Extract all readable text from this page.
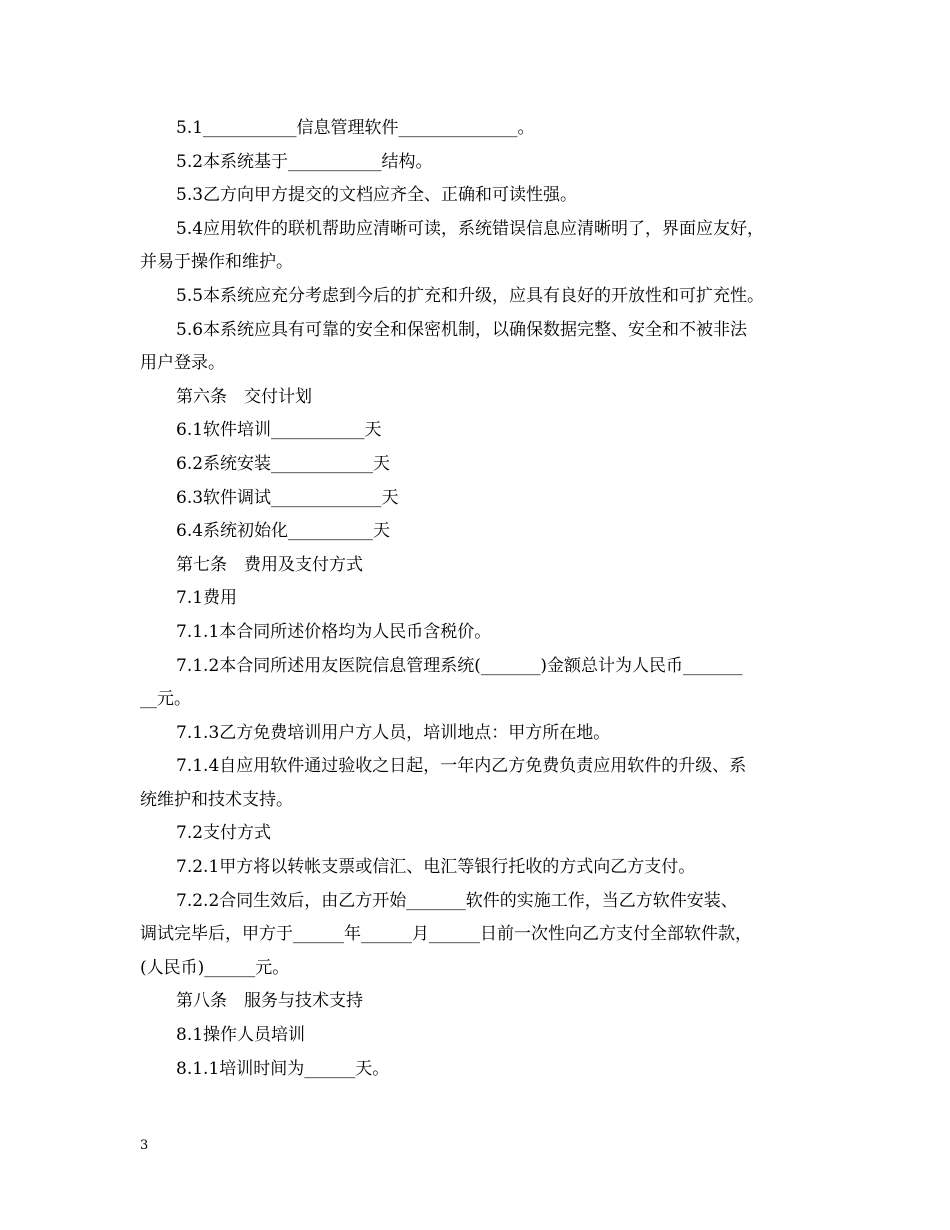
5.1___________信息管理软件______________。
5.2本系统基于___________结构。
5.3乙方向甲方提交的文档应齐全、正确和可读性强。
5.4应用软件的联机帮助应清晰可读，系统错误信息应清晰明了，界面应友好，
并易于操作和维护。
5.5本系统应充分考虑到今后的扩充和升级，应具有良好的开放性和可扩充性。
5.6本系统应具有可靠的安全和保密机制，以确保数据完整、安全和不被非法
用户登录。
第六条　交付计划
6.1软件培训___________天
6.2系统安装____________天
6.3软件调试_____________天
6.4系统初始化__________天
第七条　费用及支付方式
7.1费用
7.1.1本合同所述价格均为人民币含税价。
7.1.2本合同所述用友医院信息管理系统(_______)金额总计为人民币_______
__元。
7.1.3乙方免费培训用户方人员，培训地点：甲方所在地。
7.1.4自应用软件通过验收之日起，一年内乙方免费负责应用软件的升级、系
统维护和技术支持。
7.2支付方式
7.2.1甲方将以转帐支票或信汇、电汇等银行托收的方式向乙方支付。
7.2.2合同生效后，由乙方开始_______软件的实施工作，当乙方软件安装、
调试完毕后，甲方于______年______月______日前一次性向乙方支付全部软件款，
(人民币)______元。
第八条　服务与技术支持
8.1操作人员培训
8.1.1培训时间为______天。
3
